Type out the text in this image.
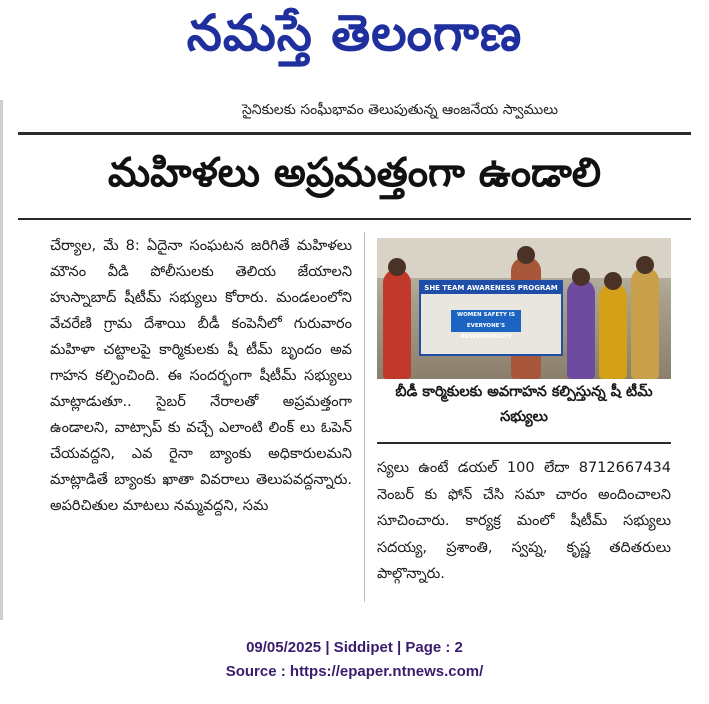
నమస్తే తెలంగాణ
సైనికులకు సంఘీభావం తెలుపుతున్న ఆంజనేయ స్వాములు
మహిళలు అప్రమత్తంగా ఉండాలి
చేర్యాల, మే 8: ఏదైనా సంఘటన జరిగితే మహిళలు మౌనం వీడి పోలీసులకు తెలియ జేయాలని హుస్నాబాద్ షీటీమ్ సభ్యులు కోరారు. మండలంలోని వేచరేణి గ్రామ దేశాయి బీడీ కంపెనీలో గురువారం మహిళా చట్టాలపై కార్మికులకు షీ టీమ్ బృందం అవ గాహన కల్పించింది. ఈ సందర్భంగా షీటీమ్ సభ్యులు మాట్లాడుతూ.. సైబర్ నేరాలతో అప్రమత్తంగా ఉండాలని, వాట్సాప్ కు వచ్చే ఎలాంటి లింక్ లు ఓపెన్ చేయవద్దని, ఎవ రైనా బ్యాంకు అధికారులమని మాట్లాడితే బ్యాంకు ఖాతా వివరాలు తెలుపవద్దన్నారు. అపరిచితుల మాటలు నమ్మవద్దని, సమ
SHE TEAM AWARENESS PROGRAM
WOMEN SAFETY IS EVERYONE'S RESPONSIBILITY
బీడీ కార్మికులకు అవగాహన కల్పిస్తున్న షీ టీమ్ సభ్యులు
స్యలు ఉంటే డయల్ 100 లేదా 8712667434 నెంబర్ కు ఫోన్ చేసి సమా చారం అందించాలని సూచించారు. కార్యక్ర మంలో షీటీమ్ సభ్యులు సదయ్య, ప్రశాంతి, స్వప్న, కృష్ణ తదితరులు పాల్గొన్నారు.
09/05/2025 | Siddipet | Page : 2
Source : https://epaper.ntnews.com/
